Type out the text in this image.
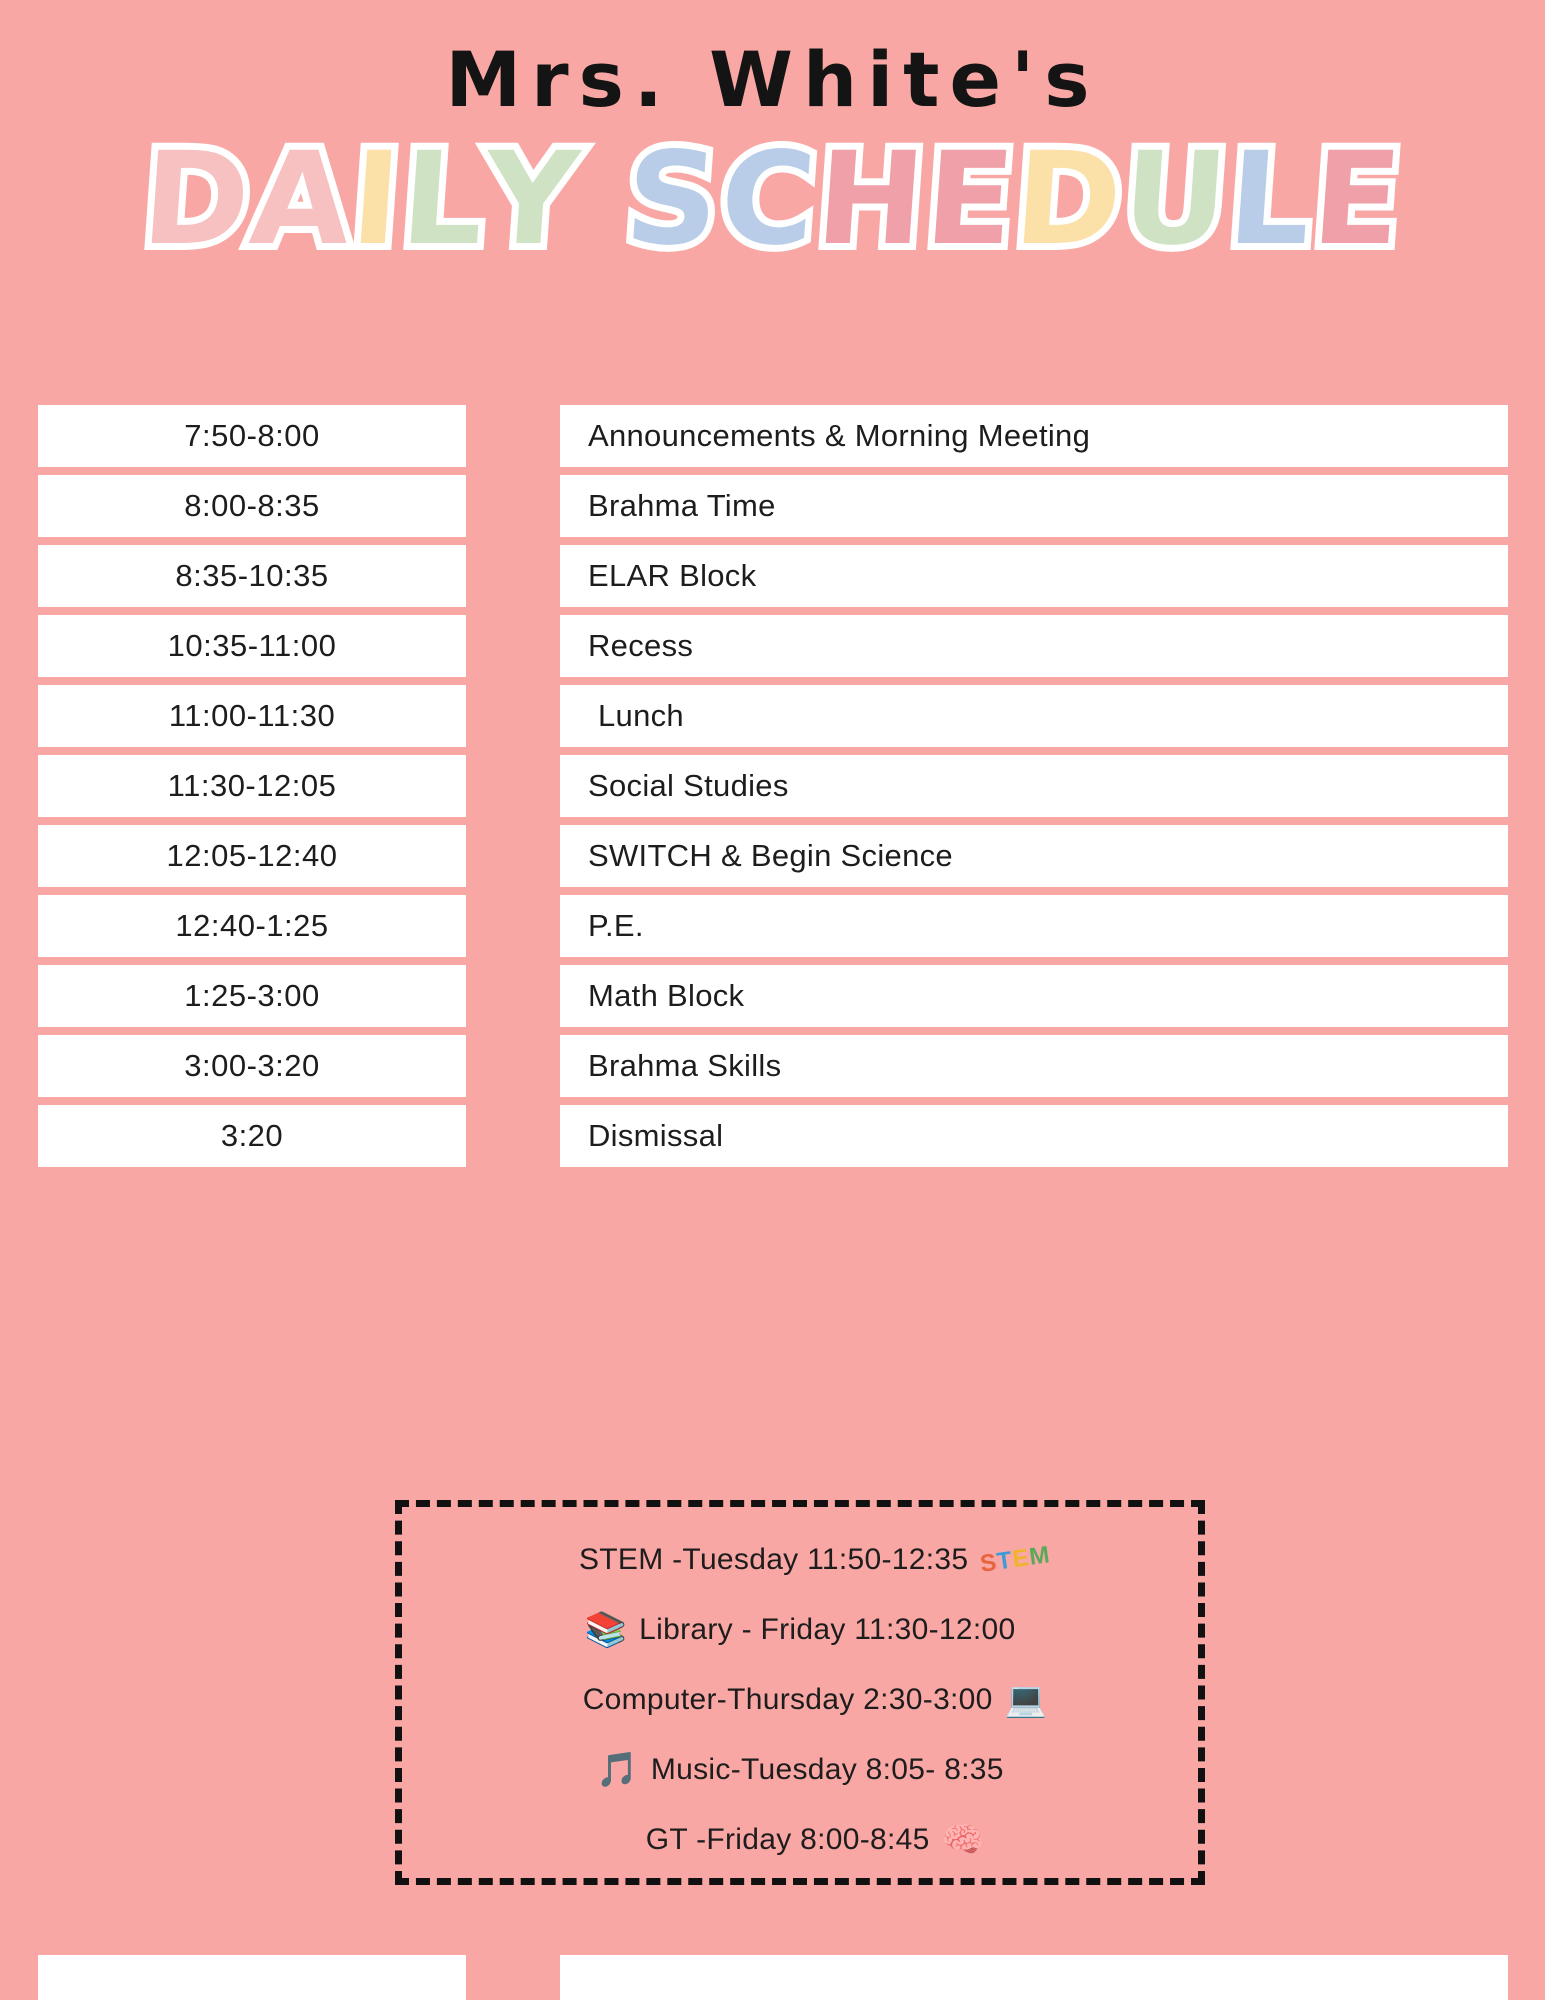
Mrs. White's
DAILY SCHEDULE
7:50-8:00	Announcements & Morning Meeting
8:00-8:35	Brahma Time
8:35-10:35	ELAR Block
10:35-11:00	Recess
11:00-11:30	Lunch
11:30-12:05	Social Studies
12:05-12:40	SWITCH & Begin Science
12:40-1:25	P.E.
1:25-3:00	Math Block
3:00-3:20	Brahma Skills
3:20	Dismissal
STEM -Tuesday 11:50-12:35 STEM
📚 Library - Friday 11:30-12:00
Computer-Thursday 2:30-3:00 💻
🎵 Music-Tuesday 8:05- 8:35
GT -Friday 8:00-8:45 🧠
